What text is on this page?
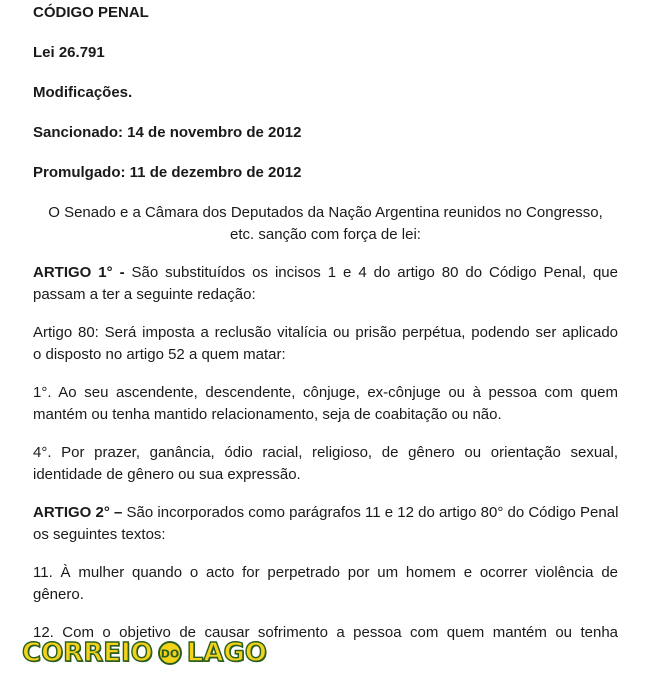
CÓDIGO PENAL
Lei 26.791
Modificações.
Sancionado: 14 de novembro de 2012
Promulgado: 11 de dezembro de 2012
O Senado e a Câmara dos Deputados da Nação Argentina reunidos no Congresso,
etc. sanção com força de lei:
ARTIGO 1° - São substituídos os incisos 1 e 4 do artigo 80 do Código Penal, que
passam a ter a seguinte redação:
Artigo 80: Será imposta a reclusão vitalícia ou prisão perpétua, podendo ser aplicado
o disposto no artigo 52 a quem matar:
1°. Ao seu ascendente, descendente, cônjuge, ex-cônjuge ou à pessoa com quem
mantém ou tenha mantido relacionamento, seja de coabitação ou não.
4°. Por prazer, ganância, ódio racial, religioso, de gênero ou orientação sexual,
identidade de gênero ou sua expressão.
ARTIGO 2° – São incorporados como parágrafos 11 e 12 do artigo 80° do Código Penal
os seguintes textos:
11. À mulher quando o acto for perpetrado por um homem e ocorrer violência de
gênero.
12. Com o objetivo de causar sofrimento a pessoa com quem mantém ou tenha
CORREIO DO LAGO
